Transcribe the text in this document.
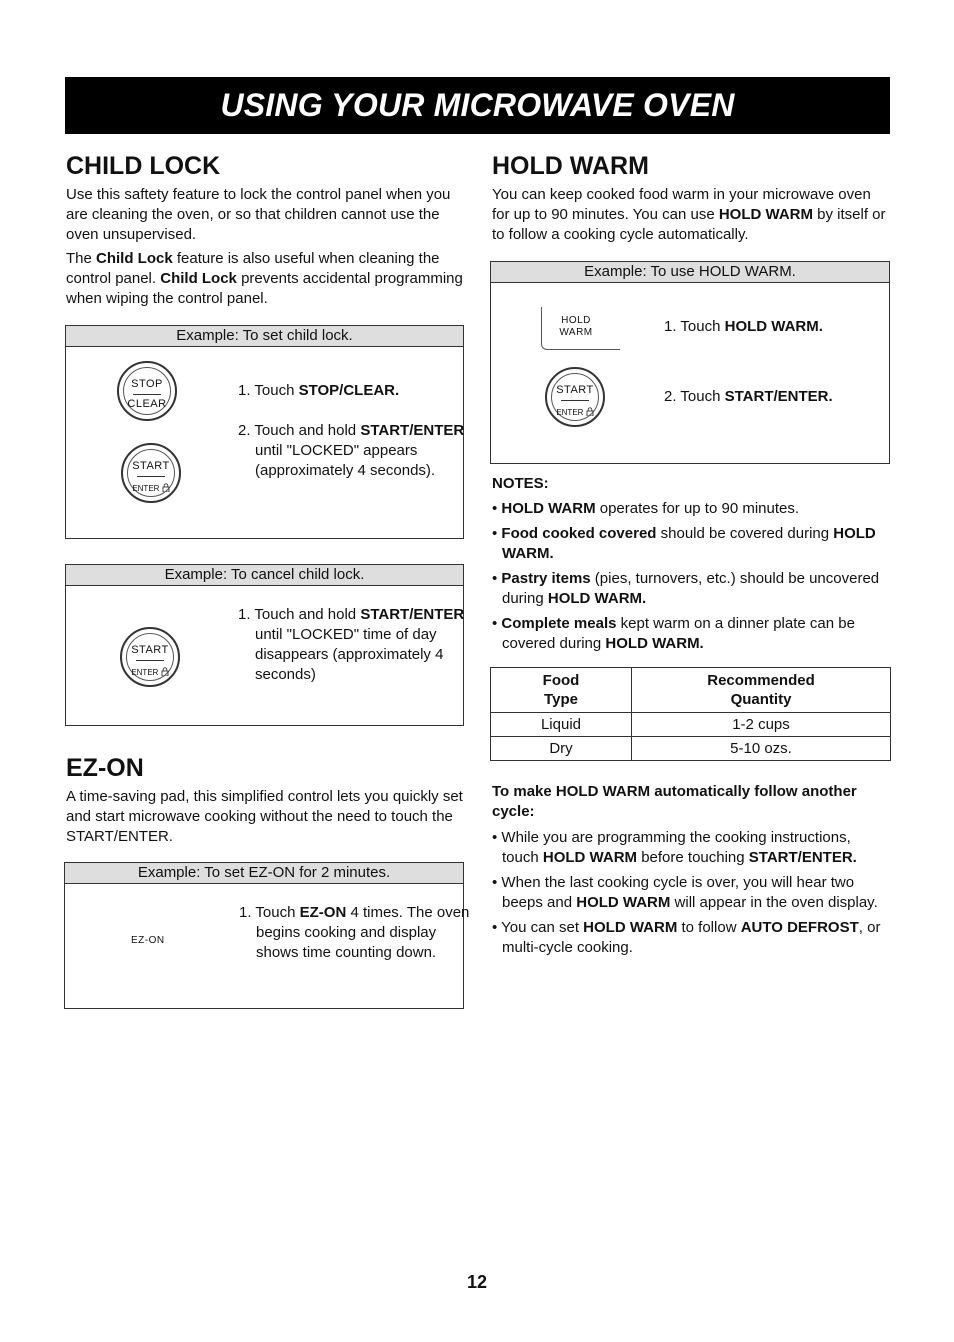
USING YOUR MICROWAVE OVEN
CHILD LOCK

Use this saftety feature to lock the control panel when you are cleaning the oven, or so that children cannot use the oven unsupervised.

The Child Lock feature is also useful when cleaning the control panel. Child Lock prevents accidental programming when wiping the control panel.

Example: To set child lock.
STOP
CLEAR
1. Touch STOP/CLEAR.
START
ENTER
2. Touch and hold START/ENTER until "LOCKED" appears (approximately 4 seconds).
Example: To cancel child lock.
START
ENTER
1. Touch and hold START/ENTER until "LOCKED" time of day disappears (approximately 4 seconds)
EZ-ON

A time-saving pad, this simplified control lets you quickly set and start microwave cooking without the need to touch the START/ENTER.

Example: To set EZ-ON for 2 minutes.
EZ-ON
1. Touch EZ-ON 4 times. The oven begins cooking and display shows time counting down.
HOLD WARM

You can keep cooked food warm in your microwave oven for up to 90 minutes. You can use HOLD WARM by itself or to follow a cooking cycle automatically.

Example: To use HOLD WARM.
HOLD
WARM	1. Touch HOLD WARM.
START
ENTER
2. Touch START/ENTER.
NOTES:
• HOLD WARM operates for up to 90 minutes.
• Food cooked covered should be covered during HOLD WARM.
• Pastry items (pies, turnovers, etc.) should be uncovered during HOLD WARM.
• Complete meals kept warm on a dinner plate can be covered during HOLD WARM.
Food
Type	Recommended
Quantity
Liquid	1-2 cups
Dry	5-10 ozs.
To make HOLD WARM automatically follow another cycle:
• While you are programming the cooking instructions, touch HOLD WARM before touching START/ENTER.
• When the last cooking cycle is over, you will hear two beeps and HOLD WARM will appear in the oven display.
• You can set HOLD WARM to follow AUTO DEFROST, or multi-cycle cooking.
12
